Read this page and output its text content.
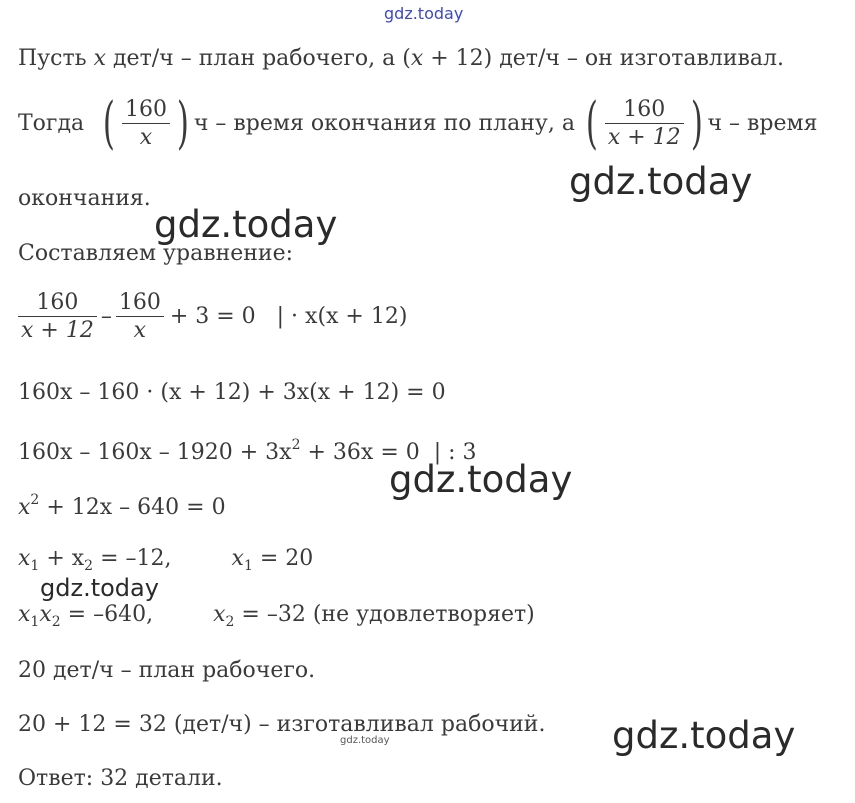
gdz.today
gdz.today
gdz.today
gdz.today
gdz.today
gdz.today
gdz.today
Пусть x дет/ч – план рабочего, а (x + 12) дет/ч – он изготавливал.
Тогда ( $\frac{160}{x}$ ) ч – время окончания по плану, а ( $\frac{160}{x + 12}$ ) ч – время
окончания.
Составляем уравнение:
$\frac{160}{x + 12} - \frac{160}{x} + 3 = 0$   | · x(x + 12)
160x – 160 · (x + 12) + 3x(x + 12) = 0
$160x - 160x - 1920 + 3x^2 + 36x = 0$  | : 3
$x^2 + 12x - 640 = 0$
$x_1 + x_2 = -12$,	$x_1 = 20$
$x_1x_2 = -640$,	$x_2 = -32$ (не удовлетворяет)
20 дет/ч – план рабочего.
20 + 12 = 32 (дет/ч) – изготавливал рабочий.
Ответ: 32 детали.
